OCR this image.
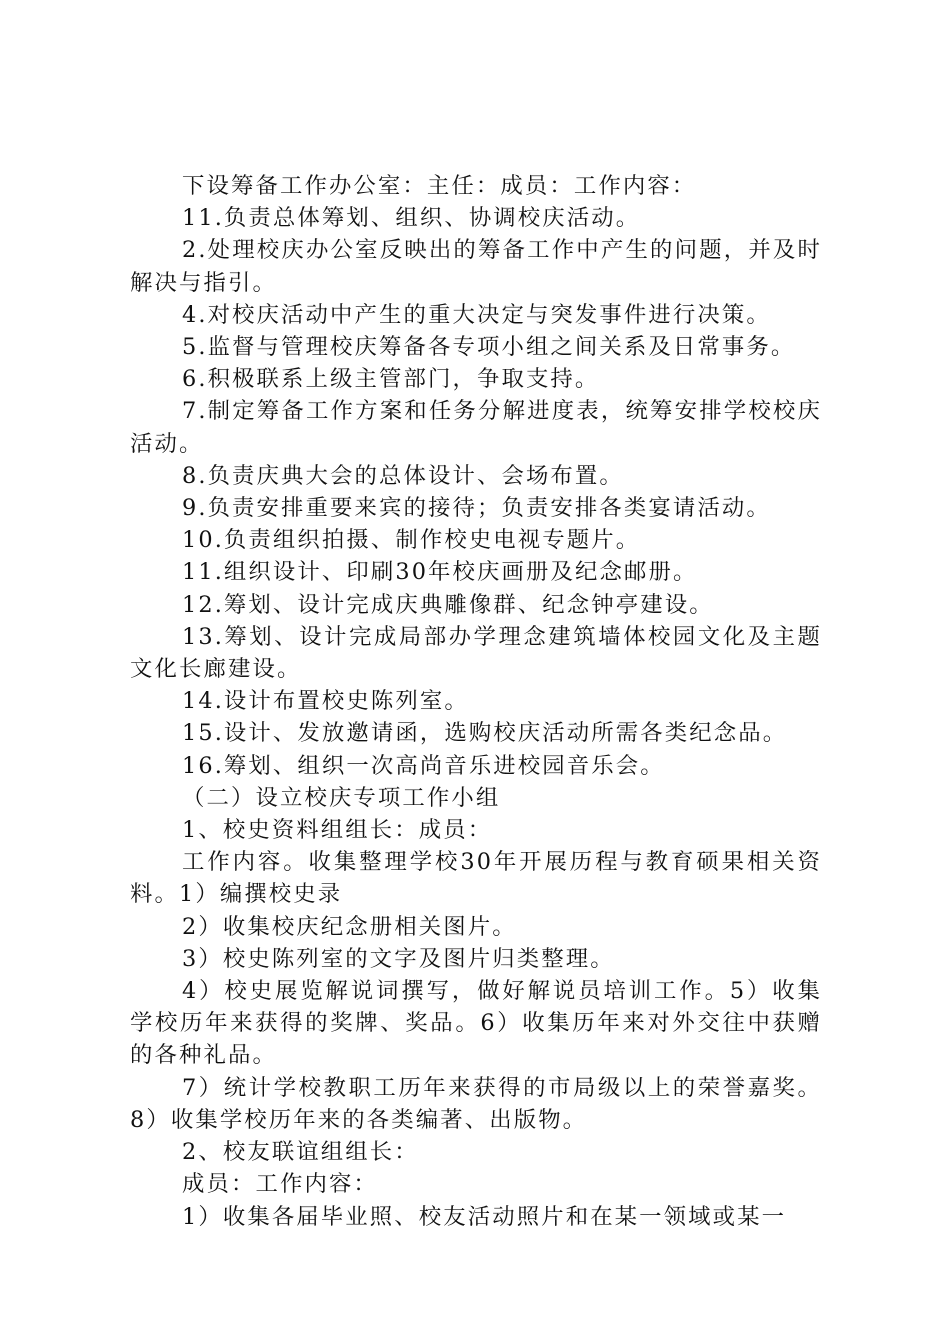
下设筹备工作办公室：主任：成员：工作内容：

11.负责总体筹划、组织、协调校庆活动。

2.处理校庆办公室反映出的筹备工作中产生的问题，并及时解决与指引。

4.对校庆活动中产生的重大决定与突发事件进行决策。

5.监督与管理校庆筹备各专项小组之间关系及日常事务。

6.积极联系上级主管部门，争取支持。

7.制定筹备工作方案和任务分解进度表，统筹安排学校校庆活动。

8.负责庆典大会的总体设计、会场布置。

9.负责安排重要来宾的接待；负责安排各类宴请活动。

10.负责组织拍摄、制作校史电视专题片。

11.组织设计、印刷30年校庆画册及纪念邮册。

12.筹划、设计完成庆典雕像群、纪念钟亭建设。

13.筹划、设计完成局部办学理念建筑墙体校园文化及主题文化长廊建设。

14.设计布置校史陈列室。

15.设计、发放邀请函，选购校庆活动所需各类纪念品。

16.筹划、组织一次高尚音乐进校园音乐会。

（二）设立校庆专项工作小组

1、校史资料组组长：成员：

工作内容。收集整理学校30年开展历程与教育硕果相关资料。1）编撰校史录

2）收集校庆纪念册相关图片。

3）校史陈列室的文字及图片归类整理。

4）校史展览解说词撰写，做好解说员培训工作。5）收集学校历年来获得的奖牌、奖品。6）收集历年来对外交往中获赠的各种礼品。

7）统计学校教职工历年来获得的市局级以上的荣誉嘉奖。8）收集学校历年来的各类编著、出版物。

2、校友联谊组组长：

成员：工作内容：

1）收集各届毕业照、校友活动照片和在某一领域或某一
